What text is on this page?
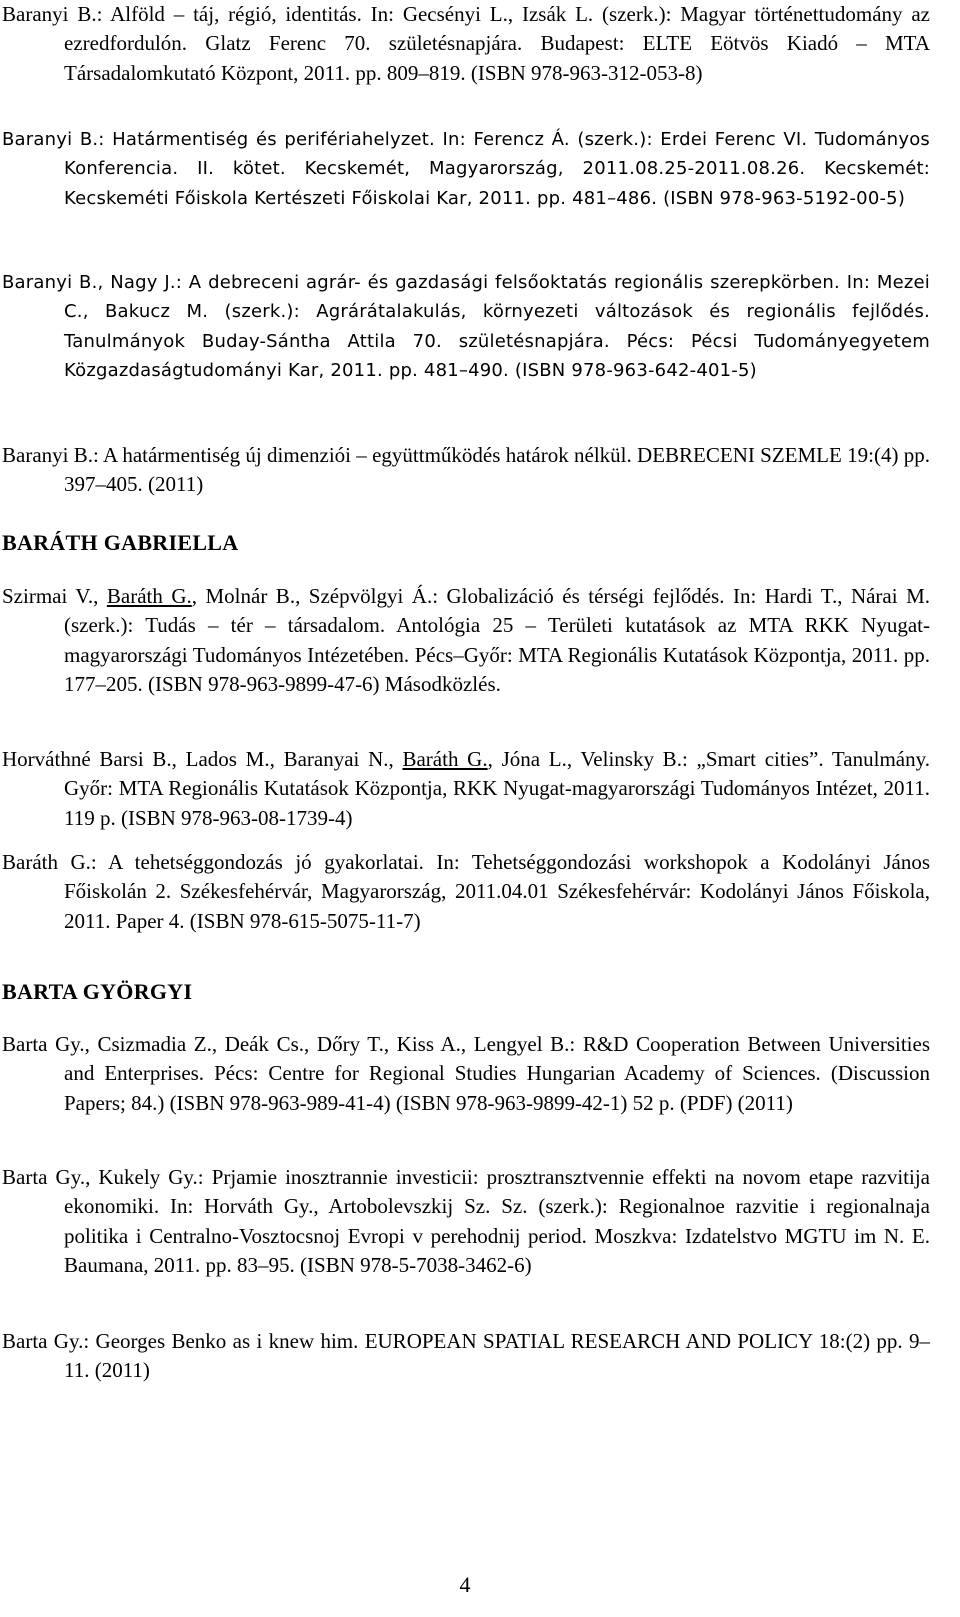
Baranyi B.: Alföld – táj, régió, identitás. In: Gecsényi L., Izsák L. (szerk.): Magyar történettudomány az ezredfordulón. Glatz Ferenc 70. születésnapjára. Budapest: ELTE Eötvös Kiadó – MTA Társadalomkutató Központ, 2011. pp. 809–819. (ISBN 978-963-312-053-8)
Baranyi B.: Határmentiség és perifériahelyzet. In: Ferencz Á. (szerk.): Erdei Ferenc VI. Tudományos Konferencia. II. kötet. Kecskemét, Magyarország, 2011.08.25-2011.08.26. Kecskemét: Kecskeméti Főiskola Kertészeti Főiskolai Kar, 2011. pp. 481–486. (ISBN 978-963-5192-00-5)
Baranyi B., Nagy J.: A debreceni agrár- és gazdasági felsőoktatás regionális szerepkörben. In: Mezei C., Bakucz M. (szerk.): Agrárátalakulás, környezeti változások és regionális fejlődés. Tanulmányok Buday-Sántha Attila 70. születésnapjára. Pécs: Pécsi Tudományegyetem Közgazdaságtudományi Kar, 2011. pp. 481–490. (ISBN 978-963-642-401-5)
Baranyi B.: A határmentiség új dimenziói – együttműködés határok nélkül. DEBRECENI SZEMLE 19:(4) pp. 397–405. (2011)
BARÁTH GABRIELLA
Szirmai V., Baráth G., Molnár B., Szépvölgyi Á.: Globalizáció és térségi fejlődés. In: Hardi T., Nárai M. (szerk.): Tudás – tér – társadalom. Antológia 25 – Területi kutatások az MTA RKK Nyugat-magyarországi Tudományos Intézetében. Pécs–Győr: MTA Regionális Kutatások Központja, 2011. pp. 177–205. (ISBN 978-963-9899-47-6) Másodközlés.
Horváthné Barsi B., Lados M., Baranyai N., Baráth G., Jóna L., Velinsky B.: „Smart cities”. Tanulmány. Győr: MTA Regionális Kutatások Központja, RKK Nyugat-magyarországi Tudományos Intézet, 2011. 119 p. (ISBN 978-963-08-1739-4)
Baráth G.: A tehetséggondozás jó gyakorlatai. In: Tehetséggondozási workshopok a Kodolányi János Főiskolán 2. Székesfehérvár, Magyarország, 2011.04.01 Székesfehérvár: Kodolányi János Főiskola, 2011. Paper 4. (ISBN 978-615-5075-11-7)
BARTA GYÖRGYI
Barta Gy., Csizmadia Z., Deák Cs., Dőry T., Kiss A., Lengyel B.: R&D Cooperation Between Universities and Enterprises. Pécs: Centre for Regional Studies Hungarian Academy of Sciences. (Discussion Papers; 84.) (ISBN 978-963-989-41-4) (ISBN 978-963-9899-42-1) 52 p. (PDF) (2011)
Barta Gy., Kukely Gy.: Prjamie inosztrannie investicii: prosztransztvennie effekti na novom etape razvitija ekonomiki. In: Horváth Gy., Artobolevszkij Sz. Sz. (szerk.): Regionalnoe razvitie i regionalnaja politika i Centralno-Vosztocsnoj Evropi v perehodnij period. Moszkva: Izdatelstvo MGTU im N. E. Baumana, 2011. pp. 83–95. (ISBN 978-5-7038-3462-6)
Barta Gy.: Georges Benko as i knew him. EUROPEAN SPATIAL RESEARCH AND POLICY 18:(2) pp. 9–11. (2011)
4
